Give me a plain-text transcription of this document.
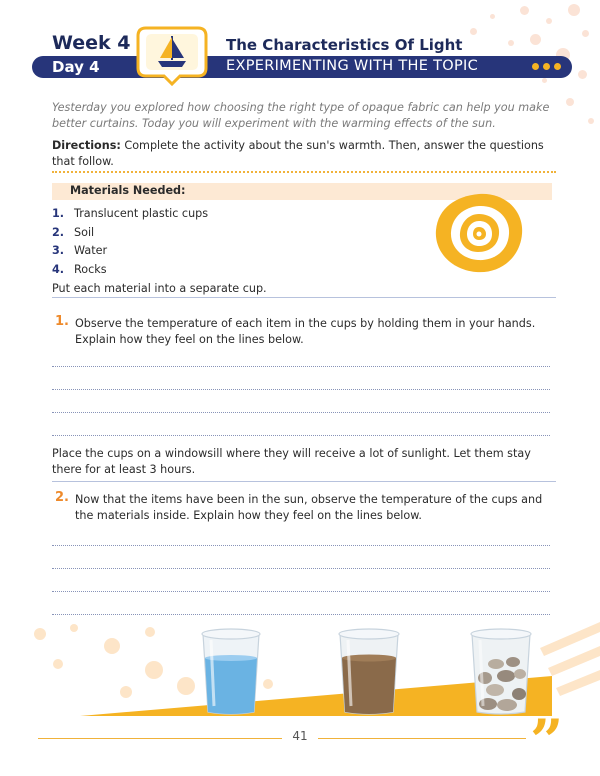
Week 4
Day 4
The Characteristics Of Light
EXPERIMENTING WITH THE TOPIC
Yesterday you explored how choosing the right type of opaque fabric can help you make better curtains. Today you will experiment with the warming effects of the sun.
Directions: Complete the activity about the sun's warmth. Then, answer the questions that follow.
Materials Needed:
1. Translucent plastic cups
2. Soil
3. Water
4. Rocks
Put each material into a separate cup.
1. Observe the temperature of each item in the cups by holding them in your hands. Explain how they feel on the lines below.
Place the cups on a windowsill where they will receive a lot of sunlight. Let them stay there for at least 3 hours.
2. Now that the items have been in the sun, observe the temperature of the cups and the materials inside. Explain how they feel on the lines below.
41	”
